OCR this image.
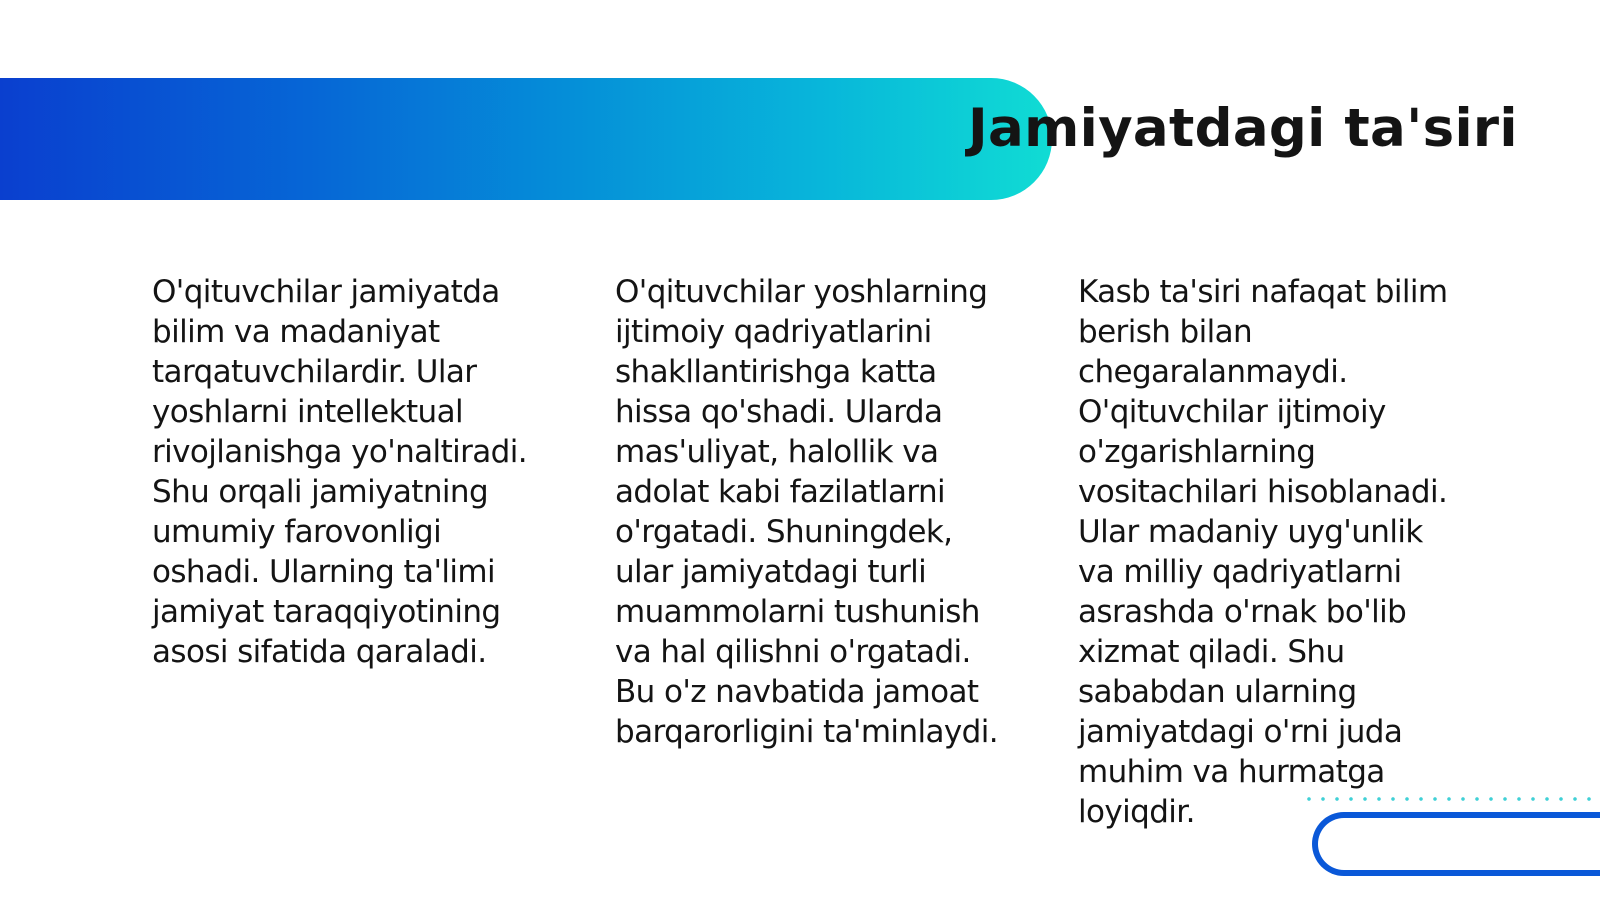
Jamiyatdagi ta'siri

O'qituvchilar jamiyatda bilim va madaniyat tarqatuvchilardir. Ular yoshlarni intellektual rivojlanishga yo'naltiradi. Shu orqali jamiyatning umumiy farovonligi oshadi. Ularning ta'limi jamiyat taraqqiyotining asosi sifatida qaraladi.

O'qituvchilar yoshlarning ijtimoiy qadriyatlarini shakllantirishga katta hissa qo'shadi. Ularda mas'uliyat, halollik va adolat kabi fazilatlarni o'rgatadi. Shuningdek, ular jamiyatdagi turli muammolarni tushunish va hal qilishni o'rgatadi. Bu o'z navbatida jamoat barqarorligini ta'minlaydi.

Kasb ta'siri nafaqat bilim berish bilan chegaralanmaydi. O'qituvchilar ijtimoiy o'zgarishlarning vositachilari hisoblanadi. Ular madaniy uyg'unlik va milliy qadriyatlarni asrashda o'rnak bo'lib xizmat qiladi. Shu sababdan ularning jamiyatdagi o'rni juda muhim va hurmatga loyiqdir.
